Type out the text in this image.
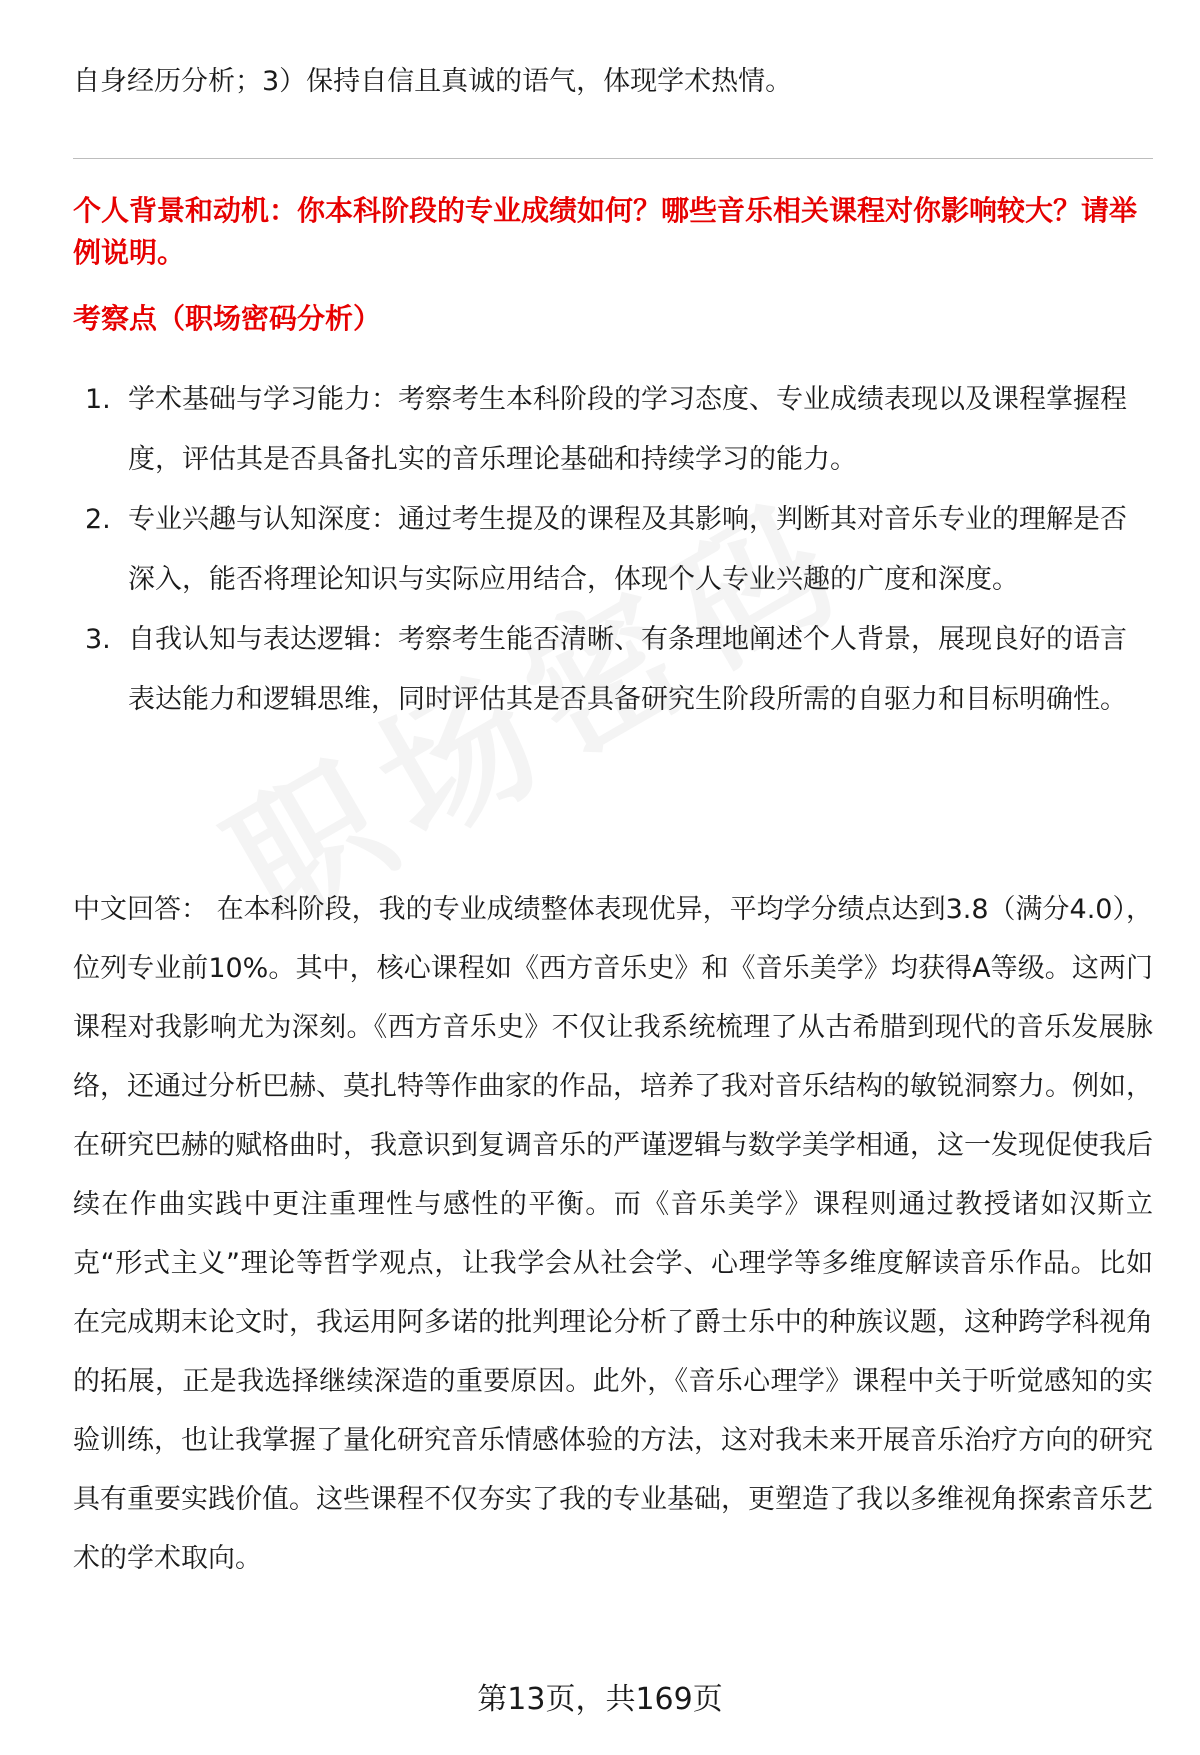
自身经历分析；3）保持自信且真诚的语气，体现学术热情。
个人背景和动机：你本科阶段的专业成绩如何？哪些音乐相关课程对你影响较大？请举例说明。
考察点（职场密码分析）
1. 学术基础与学习能力：考察考生本科阶段的学习态度、专业成绩表现以及课程掌握程度，评估其是否具备扎实的音乐理论基础和持续学习的能力。
2. 专业兴趣与认知深度：通过考生提及的课程及其影响，判断其对音乐专业的理解是否深入，能否将理论知识与实际应用结合，体现个人专业兴趣的广度和深度。
3. 自我认知与表达逻辑：考察考生能否清晰、有条理地阐述个人背景，展现良好的语言表达能力和逻辑思维，同时评估其是否具备研究生阶段所需的自驱力和目标明确性。
中文回答： 在本科阶段，我的专业成绩整体表现优异，平均学分绩点达到3.8（满分4.0），位列专业前10%。其中，核心课程如《西方音乐史》和《音乐美学》均获得A等级。这两门课程对我影响尤为深刻。《西方音乐史》不仅让我系统梳理了从古希腊到现代的音乐发展脉络，还通过分析巴赫、莫扎特等作曲家的作品，培养了我对音乐结构的敏锐洞察力。例如，在研究巴赫的赋格曲时，我意识到复调音乐的严谨逻辑与数学美学相通，这一发现促使我后续在作曲实践中更注重理性与感性的平衡。而《音乐美学》课程则通过教授诸如汉斯立克“形式主义”理论等哲学观点，让我学会从社会学、心理学等多维度解读音乐作品。比如在完成期末论文时，我运用阿多诺的批判理论分析了爵士乐中的种族议题，这种跨学科视角的拓展，正是我选择继续深造的重要原因。此外，《音乐心理学》课程中关于听觉感知的实验训练，也让我掌握了量化研究音乐情感体验的方法，这对我未来开展音乐治疗方向的研究具有重要实践价值。这些课程不仅夯实了我的专业基础，更塑造了我以多维视角探索音乐艺术的学术取向。
第13页，共169页
